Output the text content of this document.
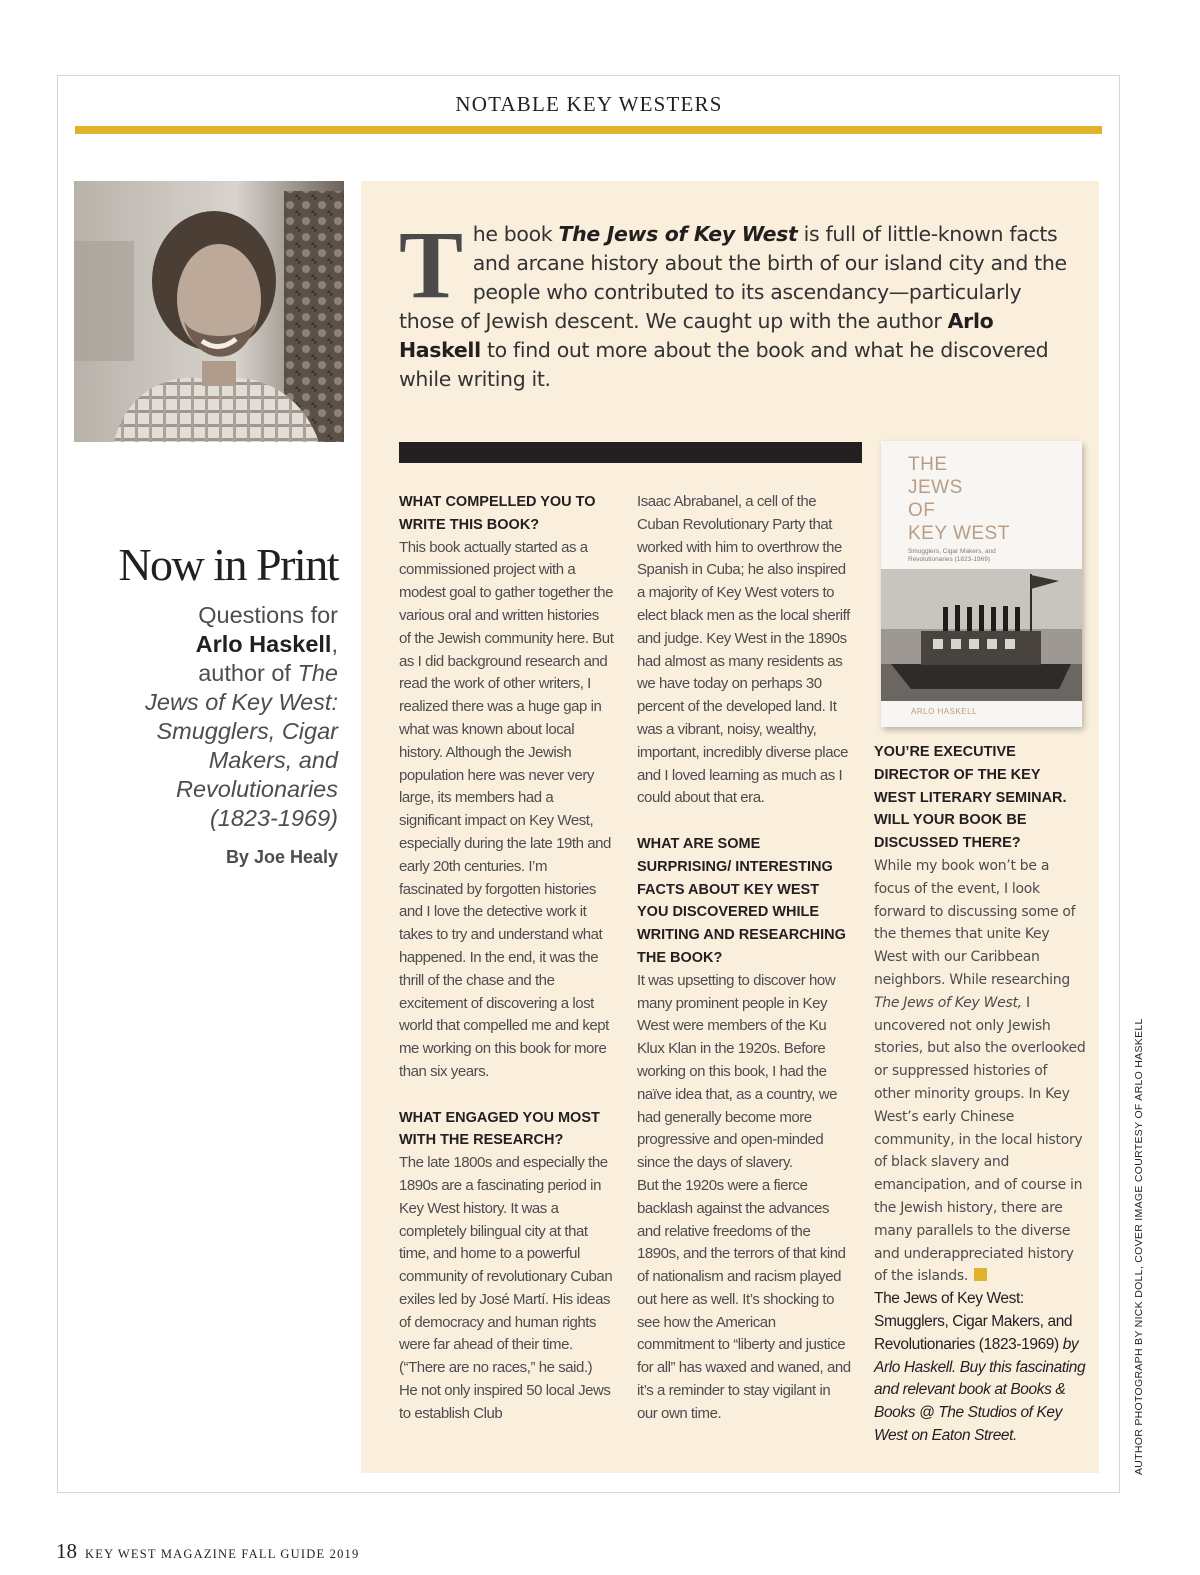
NOTABLE KEY WESTERS
Now in Print
Questions for
Arlo Haskell,
author of The
Jews of Key West:
Smugglers, Cigar
Makers, and
Revolutionaries
(1823-1969)
By Joe Healy
The book The Jews of Key West is full of little-known facts and arcane history about the birth of our island city and the people who contributed to its ascendancy—particularly those of Jewish descent. We caught up with the author Arlo Haskell to find out more about the book and what he discovered while writing it.

WHAT COMPELLED YOU TO WRITE THIS BOOK?

This book actually started as a commissioned project with a modest goal to gather together the various oral and written histories of the Jewish community here. But as I did background research and read the work of other writers, I realized there was a huge gap in what was known about local history. Although the Jewish population here was never very large, its members had a significant impact on Key West, especially during the late 19th and early 20th centuries. I’m fascinated by forgotten histories and I love the detective work it takes to try and understand what happened. In the end, it was the thrill of the chase and the excitement of discovering a lost world that compelled me and kept me working on this book for more than six years.

WHAT ENGAGED YOU MOST WITH THE RESEARCH?

The late 1800s and especially the 1890s are a fascinating period in Key West history. It was a completely bilingual city at that time, and home to a powerful community of revolutionary Cuban exiles led by José Martí. His ideas of democracy and human rights were far ahead of their time. (“There are no races,” he said.) He not only inspired 50 local Jews to establish Club

Isaac Abrabanel, a cell of the Cuban Revolutionary Party that worked with him to overthrow the Spanish in Cuba; he also inspired a majority of Key West voters to elect black men as the local sheriff and judge. Key West in the 1890s had almost as many residents as we have today on perhaps 30 percent of the developed land. It was a vibrant, noisy, wealthy, important, incredibly diverse place and I loved learning as much as I could about that era.

WHAT ARE SOME SURPRISING/ INTERESTING FACTS ABOUT KEY WEST YOU DISCOVERED WHILE WRITING AND RESEARCHING THE BOOK?

It was upsetting to discover how many prominent people in Key West were members of the Ku Klux Klan in the 1920s. Before working on this book, I had the naïve idea that, as a country, we had generally become more progressive and open-minded since the days of slavery.

But the 1920s were a fierce backlash against the advances and relative freedoms of the 1890s, and the terrors of that kind of nationalism and racism played out here as well. It’s shocking to see how the American commitment to “liberty and justice for all” has waxed and waned, and it’s a reminder to stay vigilant in our own time.

THE
JEWS
OF
KEY WEST
Smugglers, Cigar Makers, and Revolutionaries (1823-1969)
ARLO HASKELL

YOU’RE EXECUTIVE DIRECTOR OF THE KEY WEST LITERARY SEMINAR. WILL YOUR BOOK BE DISCUSSED THERE?

While my book won’t be a focus of the event, I look forward to discussing some of the themes that unite Key West with our Caribbean neighbors. While researching The Jews of Key West, I uncovered not only Jewish stories, but also the overlooked or suppressed histories of other minority groups. In Key West’s early Chinese community, in the local history of black slavery and emancipation, and of course in the Jewish history, there are many parallels to the diverse and underappreciated history of the islands.

The Jews of Key West: Smugglers, Cigar Makers, and Revolutionaries (1823-1969) by Arlo Haskell. Buy this fascinating and relevant book at Books & Books @ The Studios of Key West on Eaton Street.	AUTHOR PHOTOGRAPH BY NICK DOLL, COVER IMAGE COURTESY OF ARLO HASKELL
18 KEY WEST MAGAZINE FALL GUIDE 2019
